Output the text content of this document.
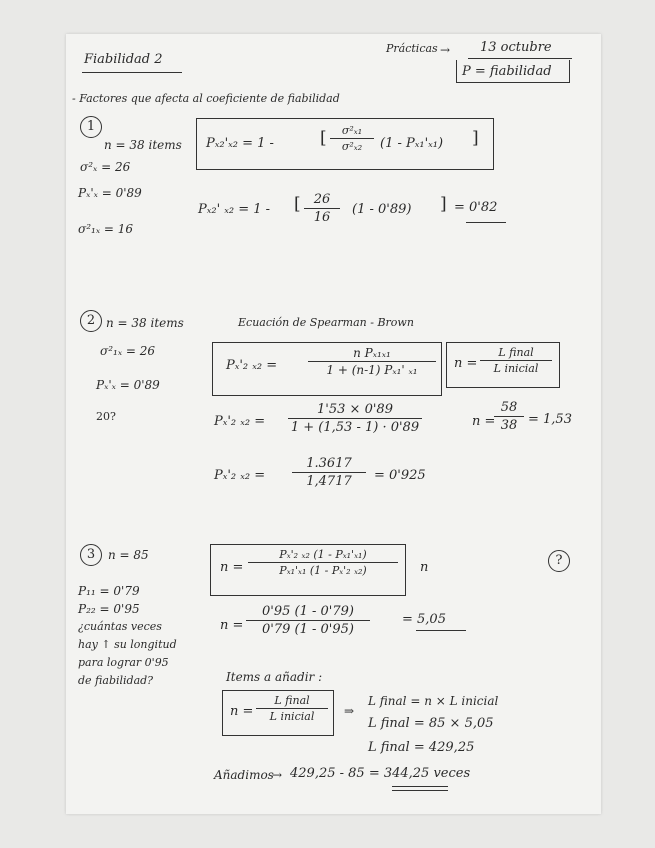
Fiabilidad 2
Prácticas → 13 octubre
P = fiabilidad
- Factores que afecta al coeficiente de fiabilidad
1
n = 38 items
σ²ₓ = 26
Pₓ'ₓ = 0'89
σ²₁ₓ = 16
Pₓ₂'ₓ₂ = 1 -	[ $\frac{\text{σ²ₓ₁}}{\text{σ²ₓ₂}} (1 - P_{x1}'_{x1})$ ]
Pₓ₂' ₓ₂ = 1 - [ $\frac{26}{16} (1 - 0'89)$ ] = 0'82
2 n = 38 items
σ²₁ₓ = 26
Pₓ'ₓ = 0'89
20?
Ecuación de Spearman - Brown
Pₓ'₂ ₓ₂ =	$\frac{\text{n Pₓ₁ₓ₁}}{\text{1 + (n-1) Pₓ₁' ₓ₁}}$ n =
L final
L inicial
n =
$\frac{58}{38} = 1,53$
Pₓ'₂ $_{x2} = \frac{1'53 \times 0'89}{1 + (1,53 - 1) \cdot 0'89}$
Pₓ'₂ $_{x2} = \frac{1.3617}{1,4717} = 0'925$
3	n = 85
P₁₁ = 0'79
P₂₂ = 0'95
¿cuántas veces
hay ↑ su longitud
para lograr 0'95
de fiabilidad?
$n = \frac{\text{Pₓ'₂ ₓ₂ (1 - Pₓ₁'ₓ₁)}}{\text{Pₓ₁'ₓ₁ (1 - Pₓ'₂ ₓ₂)}}$ n	?
$n = \frac{0'95 (1 - 0'79)}{0'79 (1 - 0'95)} = 5,05$
Items a añadir :
n =
L final
L inicial	⇒
L final = n × L inicial
L final = 85 × 5,05
L final = 429,25
Añadimos
→ 429,25 - 85 = 344,25 veces
